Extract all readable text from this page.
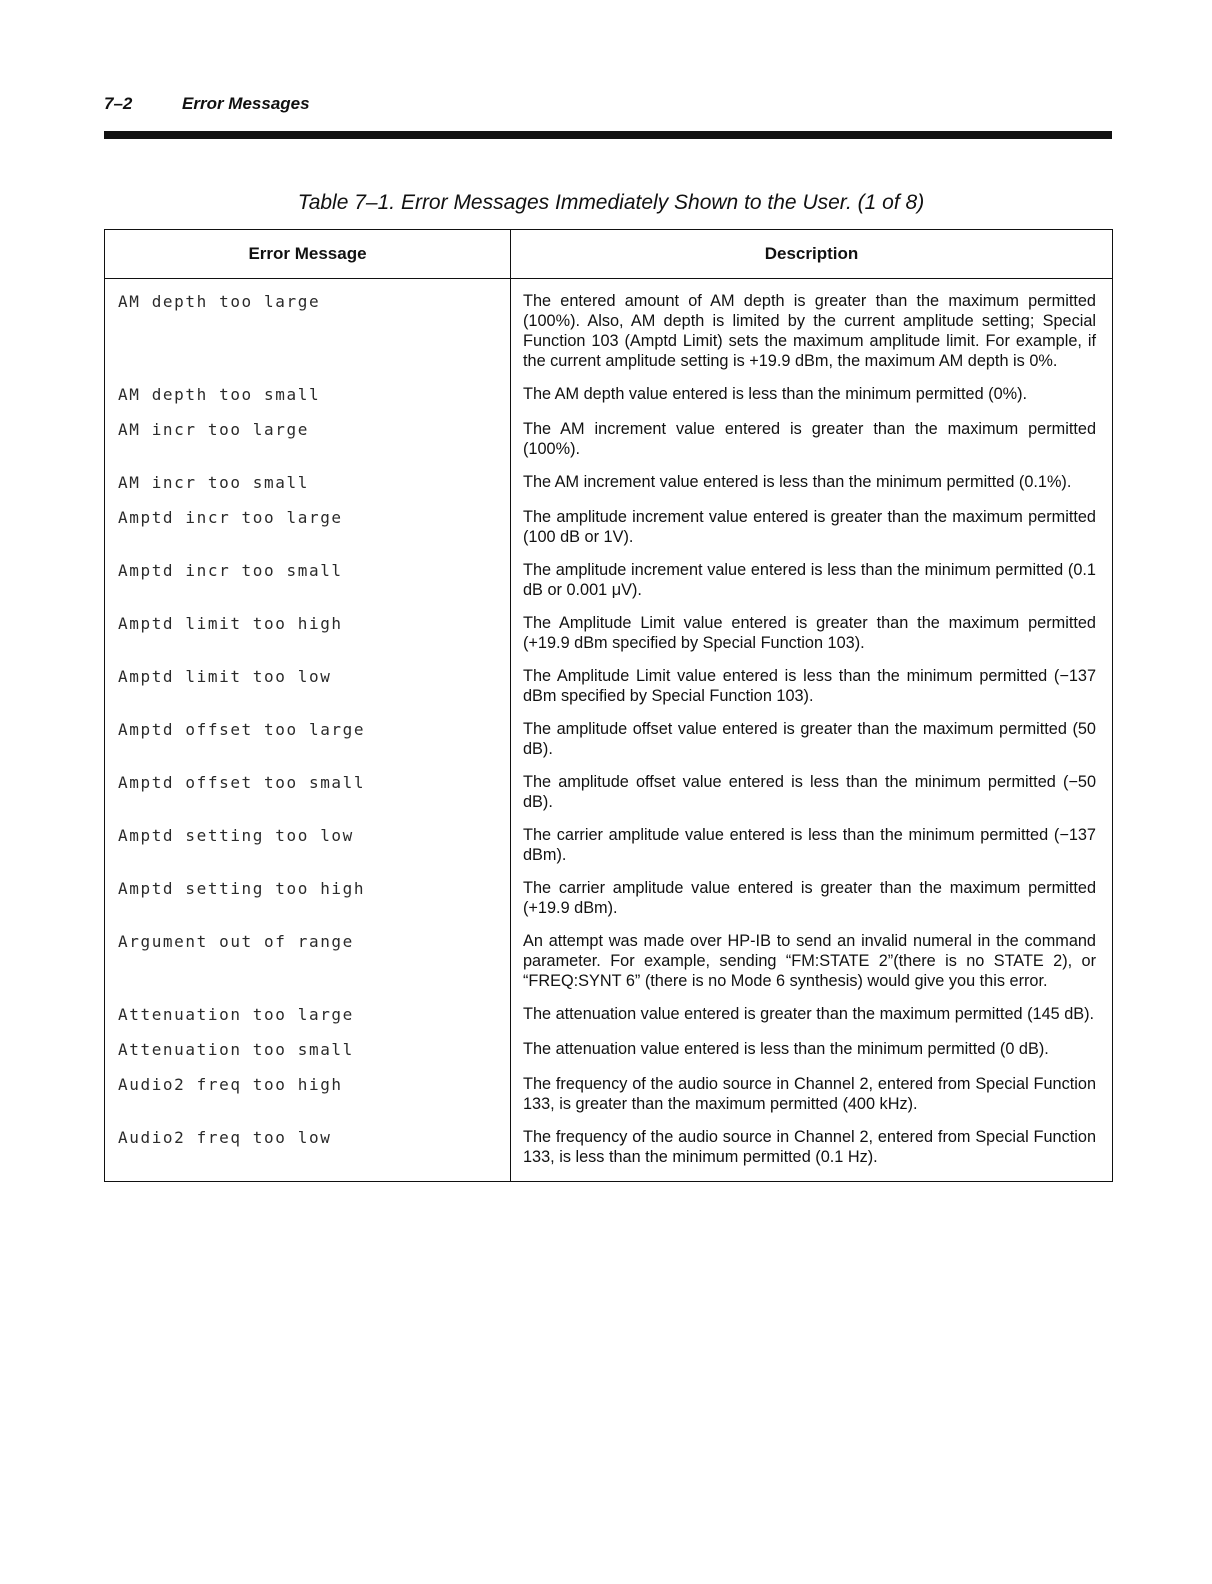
7–2	Error Messages
Table 7–1. Error Messages Immediately Shown to the User. (1 of 8)
Error Message	Description
AM depth too large	The entered amount of AM depth is greater than the maximum permitted (100%). Also, AM depth is limited by the current amplitude setting; Special Function 103 (Amptd Limit) sets the maximum amplitude limit. For example, if the current amplitude setting is +19.9 dBm, the maximum AM depth is 0%.
AM depth too small	The AM depth value entered is less than the minimum permitted (0%).
AM incr too large	The AM increment value entered is greater than the maximum permitted (100%).
AM incr too small	The AM increment value entered is less than the minimum permitted (0.1%).
Amptd incr too large	The amplitude increment value entered is greater than the maximum permitted (100 dB or 1V).
Amptd incr too small	The amplitude increment value entered is less than the minimum permitted (0.1 dB or 0.001 μV).
Amptd limit too high	The Amplitude Limit value entered is greater than the maximum permitted (+19.9 dBm specified by Special Function 103).
Amptd limit too low	The Amplitude Limit value entered is less than the minimum permitted (−137 dBm specified by Special Function 103).
Amptd offset too large	The amplitude offset value entered is greater than the maximum permitted (50 dB).
Amptd offset too small	The amplitude offset value entered is less than the minimum permitted (−50 dB).
Amptd setting too low	The carrier amplitude value entered is less than the minimum permitted (−137 dBm).
Amptd setting too high	The carrier amplitude value entered is greater than the maximum permitted (+19.9 dBm).
Argument out of range	An attempt was made over HP-IB to send an invalid numeral in the command parameter. For example, sending “FM:STATE 2”(there is no STATE 2), or “FREQ:SYNT 6” (there is no Mode 6 synthesis) would give you this error.
Attenuation too large	The attenuation value entered is greater than the maximum permitted (145 dB).
Attenuation too small	The attenuation value entered is less than the minimum permitted (0 dB).
Audio2 freq too high	The frequency of the audio source in Channel 2, entered from Special Function 133, is greater than the maximum permitted (400 kHz).
Audio2 freq too low	The frequency of the audio source in Channel 2, entered from Special Function 133, is less than the minimum permitted (0.1 Hz).
